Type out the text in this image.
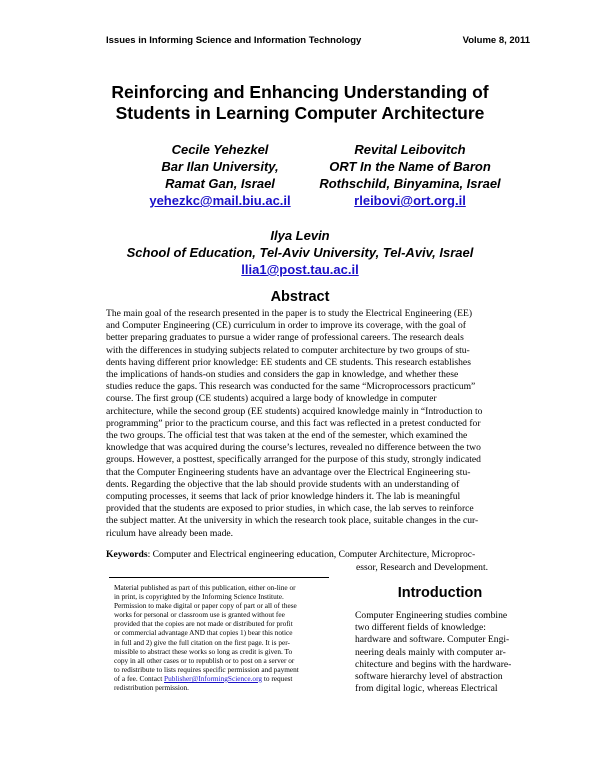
Issues in Informing Science and Information Technology	Volume 8, 2011
Reinforcing and Enhancing Understanding of
Students in Learning Computer Architecture
Cecile Yehezkel
Bar Ilan University,
Ramat Gan, Israel
yehezkc@mail.biu.ac.il
Revital Leibovitch
ORT In the Name of Baron
Rothschild, Binyamina, Israel
rleibovi@ort.org.il
Ilya Levin
School of Education, Tel-Aviv University, Tel-Aviv, Israel
llia1@post.tau.ac.il
Abstract
The main goal of the research presented in the paper is to study the Electrical Engineering (EE)
and Computer Engineering (CE) curriculum in order to improve its coverage, with the goal of
better preparing graduates to pursue a wider range of professional careers. The research deals
with the differences in studying subjects related to computer architecture by two groups of stu-
dents having different prior knowledge: EE students and CE students. This research establishes
the implications of hands-on studies and considers the gap in knowledge, and whether these
studies reduce the gaps. This research was conducted for the same “Microprocessors practicum”
course. The first group (CE students) acquired a large body of knowledge in computer
architecture, while the second group (EE students) acquired knowledge mainly in “Introduction to
programming” prior to the practicum course, and this fact was reflected in a pretest conducted for
the two groups. The official test that was taken at the end of the semester, which examined the
knowledge that was acquired during the course’s lectures, revealed no difference between the two
groups. However, a posttest, specifically arranged for the purpose of this study, strongly indicated
that the Computer Engineering students have an advantage over the Electrical Engineering stu-
dents. Regarding the objective that the lab should provide students with an understanding of
computing processes, it seems that lack of prior knowledge hinders it. The lab is meaningful
provided that the students are exposed to prior studies, in which case, the lab serves to reinforce
the subject matter. At the university in which the research took place, suitable changes in the cur-
riculum have already been made.
Keywords: Computer and Electrical engineering education, Computer Architecture, Microproc-
essor, Research and Development.
Material published as part of this publication, either on-line or
in print, is copyrighted by the Informing Science Institute.
Permission to make digital or paper copy of part or all of these
works for personal or classroom use is granted without fee
provided that the copies are not made or distributed for profit
or commercial advantage AND that copies 1) bear this notice
in full and 2) give the full citation on the first page. It is per-
missible to abstract these works so long as credit is given. To
copy in all other cases or to republish or to post on a server or
to redistribute to lists requires specific permission and payment
of a fee. Contact Publisher@InformingScience.org to request
redistribution permission.
Introduction
Computer Engineering studies combine
two different fields of knowledge:
hardware and software. Computer Engi-
neering deals mainly with computer ar-
chitecture and begins with the hardware-
software hierarchy level of abstraction
from digital logic, whereas Electrical
